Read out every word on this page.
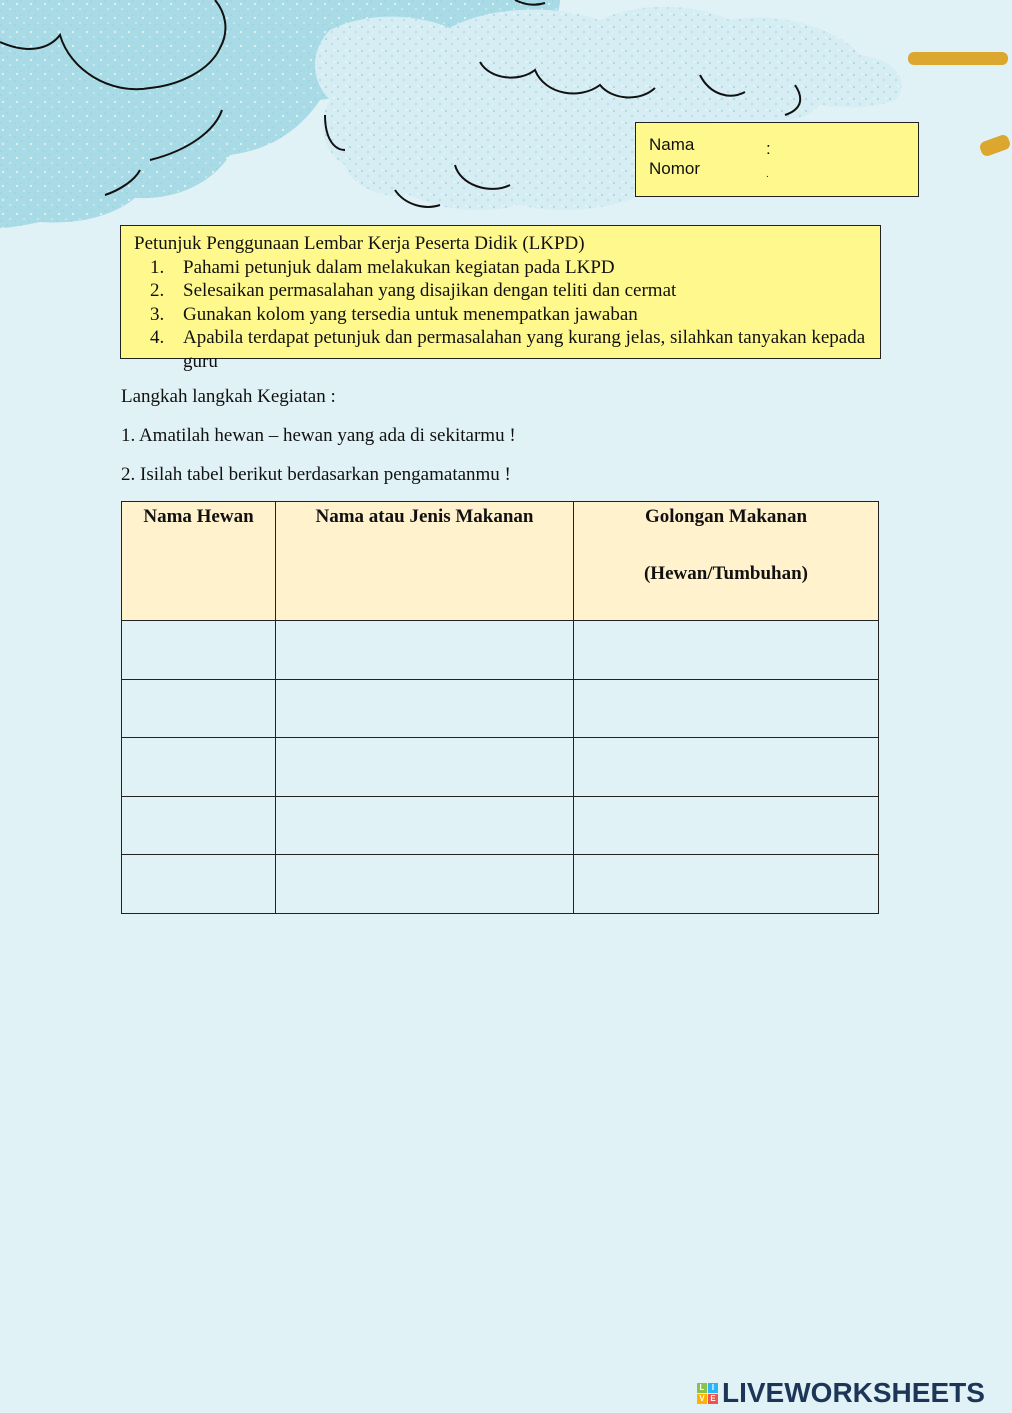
Nama	:
Nomor	.
Petunjuk Penggunaan Lembar Kerja Peserta Didik (LKPD)
1. Pahami petunjuk dalam melakukan kegiatan pada LKPD
2. Selesaikan permasalahan yang disajikan dengan teliti dan cermat
3. Gunakan kolom yang tersedia untuk menempatkan jawaban
4. Apabila terdapat petunjuk dan permasalahan yang kurang jelas, silahkan tanyakan kepada guru
Langkah langkah Kegiatan :
1. Amatilah hewan – hewan yang ada di sekitarmu !
2. Isilah tabel berikut berdasarkan pengamatanmu !
Nama Hewan	Nama atau Jenis Makanan	Golongan Makanan
(Hewan/Tumbuhan)

L I
V E LIVEWORKSHEETS
